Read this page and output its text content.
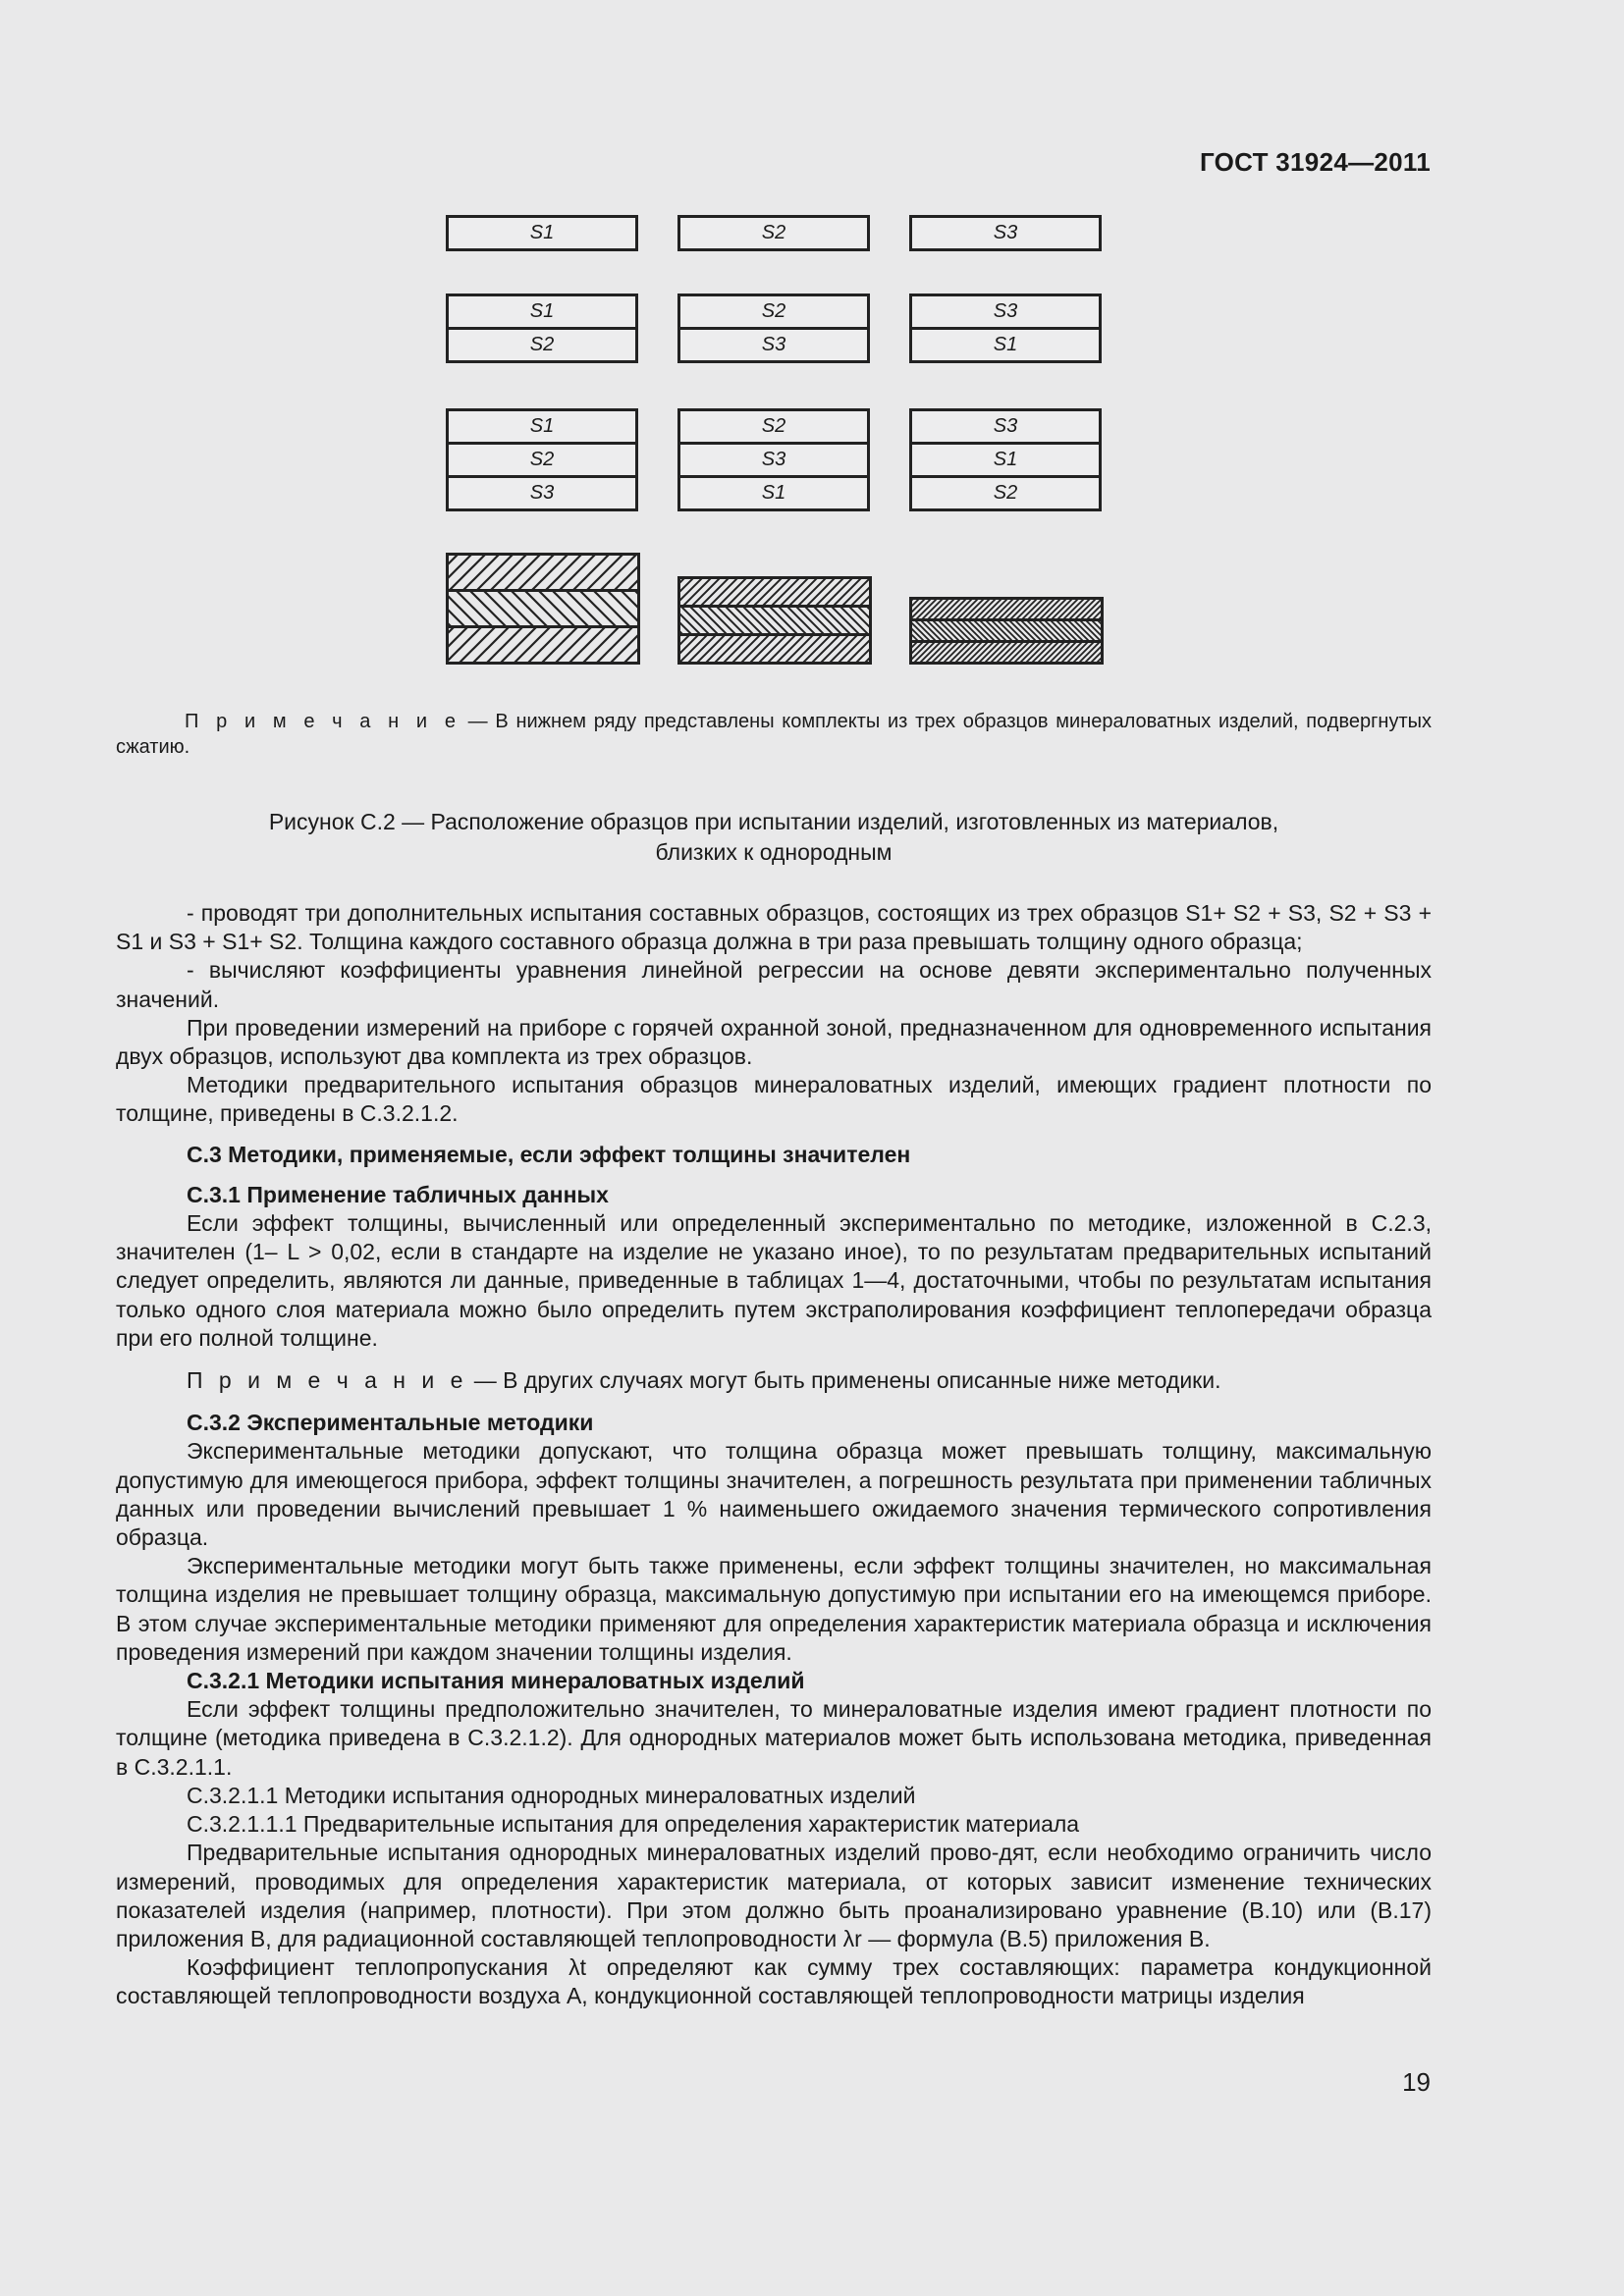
ГОСТ 31924—2011
S1	S2	S3
S1
S2
S2
S3
S3
S1
S1
S2
S3
S2
S3
S1
S3
S1
S2
П р и м е ч а н и е — В нижнем ряду представлены комплекты из трех образцов минераловатных изделий, подвергнутых сжатию.
Рисунок С.2 — Расположение образцов при испытании изделий, изготовленных из материалов,
близких к однородным

- проводят три дополнительных испытания составных образцов, состоящих из трех образцов S1+ S2 + S3, S2 + S3 + S1 и S3 + S1+ S2. Толщина каждого составного образца должна в три раза превышать толщину одного образца;

- вычисляют коэффициенты уравнения линейной регрессии на основе девяти экспериментально полученных значений.

При проведении измерений на приборе с горячей охранной зоной, предназначенном для одновременного испытания двух образцов, используют два комплекта из трех образцов.

Методики предварительного испытания образцов минераловатных изделий, имеющих градиент плотности по толщине, приведены в С.3.2.1.2.

С.3 Методики, применяемые, если эффект толщины значителен
С.3.1 Применение табличных данных

Если эффект толщины, вычисленный или определенный экспериментально по методике, изложенной в С.2.3, значителен (1– L > 0,02, если в стандарте на изделие не указано иное), то по результатам предварительных испытаний следует определить, являются ли данные, приведенные в таблицах 1—4, достаточными, чтобы по результатам испытания только одного слоя материала можно было определить путем экстраполирования коэффициент теплопередачи образца при его полной толщине.

П р и м е ч а н и е — В других случаях могут быть применены описанные ниже методики.

С.3.2 Экспериментальные методики

Экспериментальные методики допускают, что толщина образца может превышать толщину, максимальную допустимую для имеющегося прибора, эффект толщины значителен, а погрешность результата при применении табличных данных или проведении вычислений превышает 1 % наименьшего ожидаемого значения термического сопротивления образца.

Экспериментальные методики могут быть также применены, если эффект толщины значителен, но максимальная толщина изделия не превышает толщину образца, максимальную допустимую при испытании его на имеющемся приборе. В этом случае экспериментальные методики применяют для определения характеристик материала образца и исключения проведения измерений при каждом значении толщины изделия.

С.3.2.1 Методики испытания минераловатных изделий

Если эффект толщины предположительно значителен, то минераловатные изделия имеют градиент плотности по толщине (методика приведена в С.3.2.1.2). Для однородных материалов может быть использована методика, приведенная в С.3.2.1.1.

С.3.2.1.1 Методики испытания однородных минераловатных изделий

С.3.2.1.1.1 Предварительные испытания для определения характеристик материала

Предварительные испытания однородных минераловатных изделий прово-дят, если необходимо ограничить число измерений, проводимых для определения характеристик материала, от которых зависит изменение технических показателей изделия (например, плотности). При этом должно быть проанализировано уравнение (В.10) или (В.17) приложения В, для радиационной составляющей теплопроводности λr — формула (В.5) приложения В.

Коэффициент теплопропускания λt определяют как сумму трех составляющих: параметра кондукционной составляющей теплопроводности воздуха A, кондукционной составляющей теплопроводности матрицы изделия

19
